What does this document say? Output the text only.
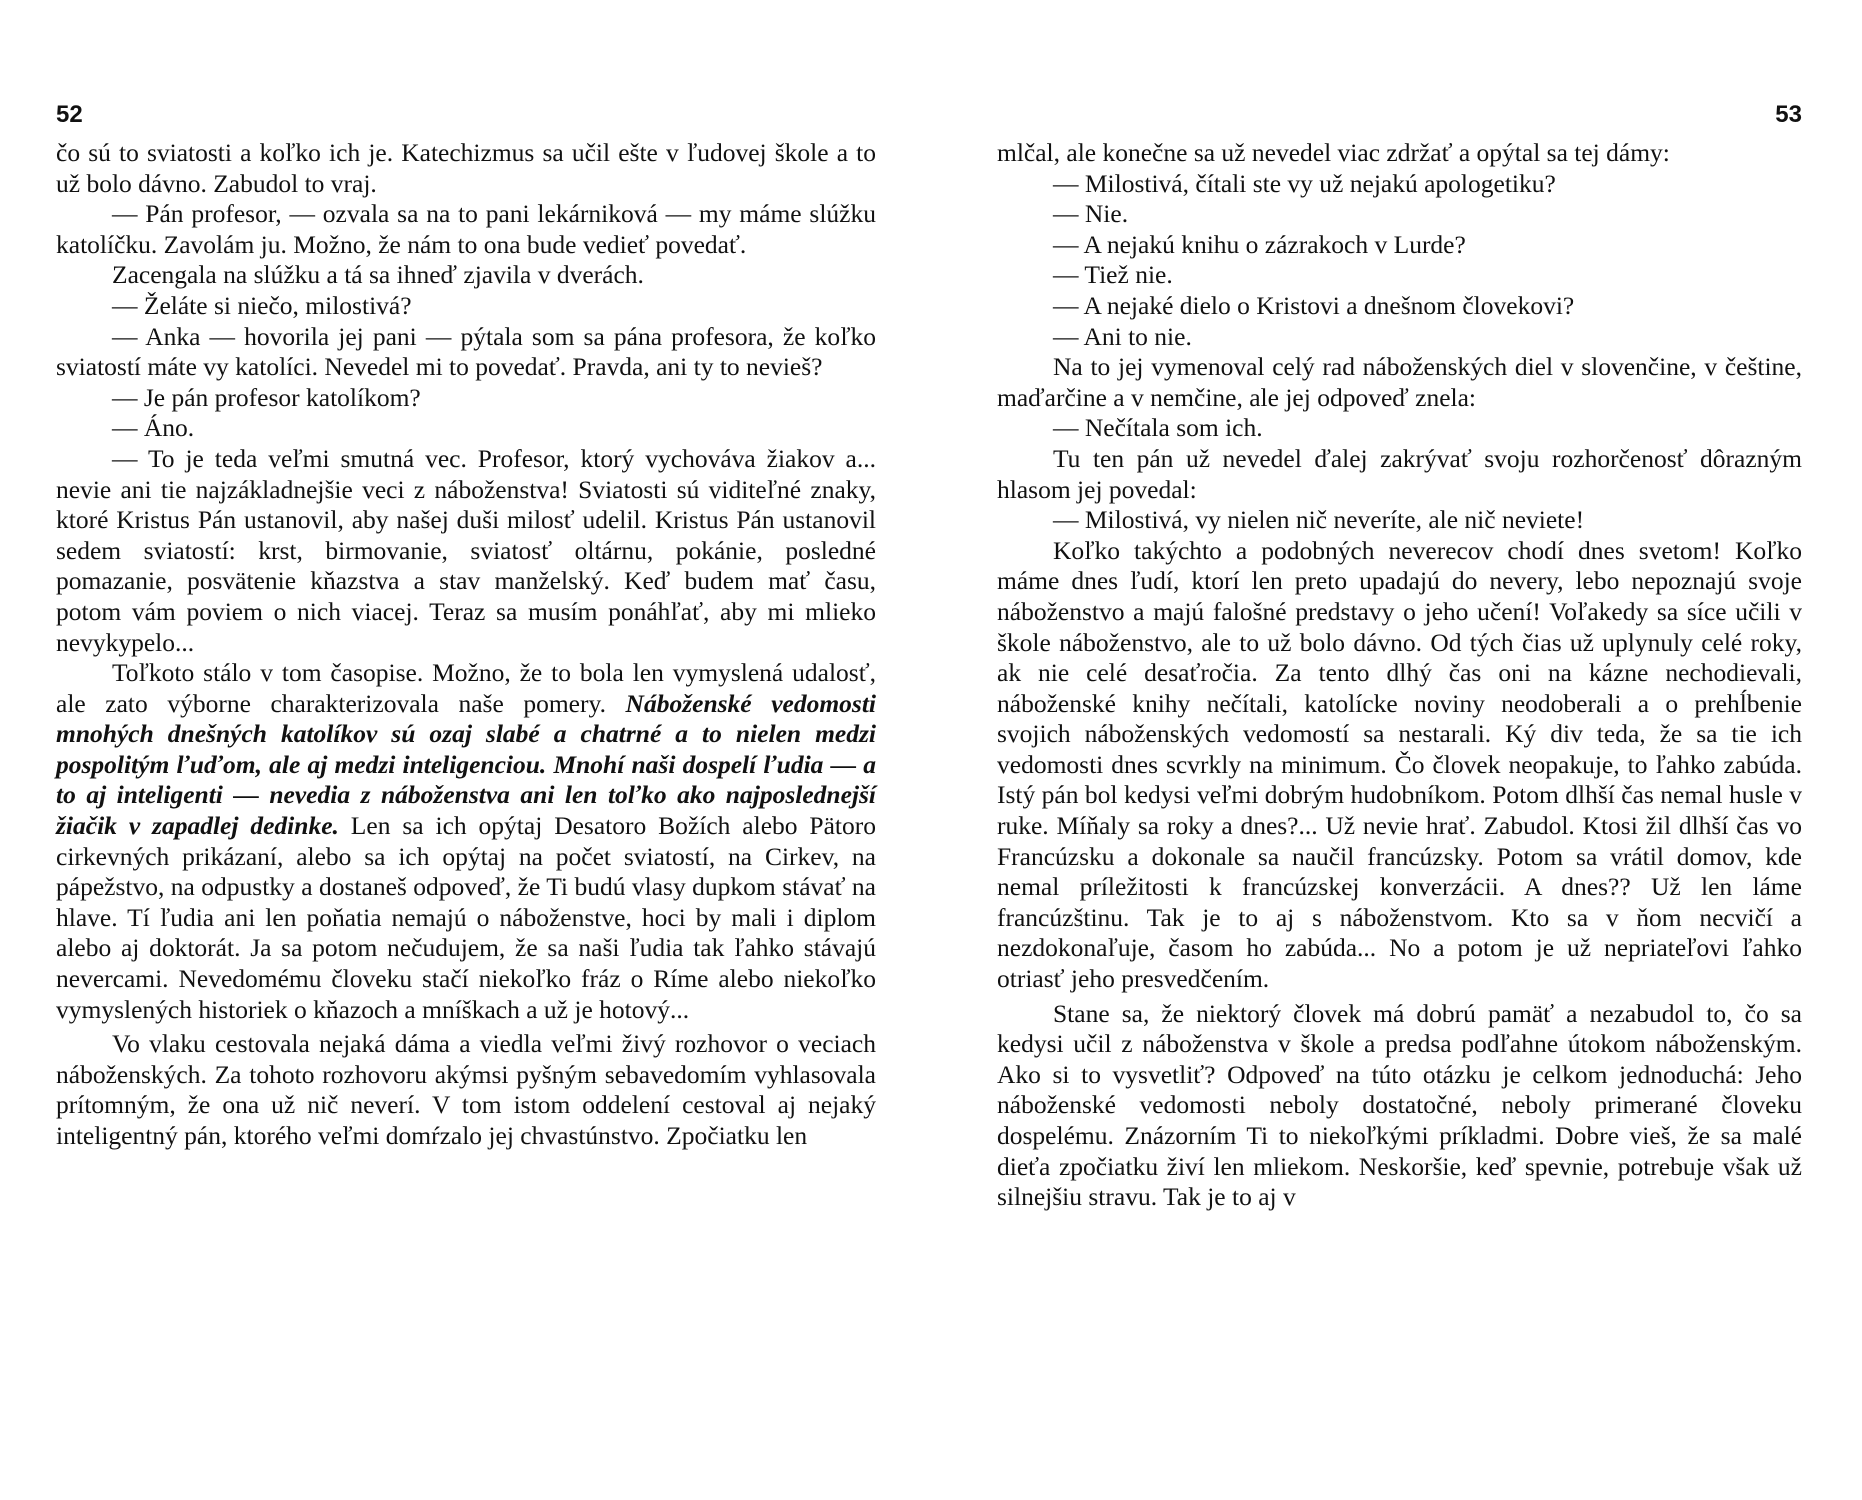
52

čo sú to sviatosti a koľko ich je. Katechizmus sa učil ešte v ľudovej škole a to už bolo dávno. Zabudol to vraj.

— Pán profesor, — ozvala sa na to pani lekárniková — my máme slúžku katolíčku. Zavolám ju. Možno, že nám to ona bude vedieť povedať.

Zacengala na slúžku a tá sa ihneď zjavila v dverách.

— Želáte si niečo, milostivá?

— Anka — hovorila jej pani — pýtala som sa pána profesora, že koľko sviatostí máte vy katolíci. Nevedel mi to povedať. Pravda, ani ty to nevieš?

— Je pán profesor katolíkom?

— Áno.

— To je teda veľmi smutná vec. Profesor, ktorý vychováva žiakov a... nevie ani tie najzákladnejšie veci z náboženstva! Sviatosti sú viditeľné znaky, ktoré Kristus Pán ustanovil, aby našej duši milosť udelil. Kristus Pán ustanovil sedem sviatostí: krst, birmovanie, sviatosť oltárnu, pokánie, posledné pomazanie, posvätenie kňazstva a stav manželský. Keď budem mať času, potom vám poviem o nich viacej. Teraz sa musím ponáhľať, aby mi mlieko nevykypelo...

Toľkoto stálo v tom časopise. Možno, že to bola len vymyslená udalosť, ale zato výborne charakterizovala naše pomery. Náboženské vedomosti mnohých dnešných katolíkov sú ozaj slabé a chatrné a to nielen medzi pospolitým ľuďom, ale aj medzi inteligenciou. Mnohí naši dospelí ľudia — a to aj inteligenti — nevedia z náboženstva ani len toľko ako najposlednejší žiačik v zapadlej dedinke. Len sa ich opýtaj Desatoro Božích alebo Pätoro cirkevných prikázaní, alebo sa ich opýtaj na počet sviatostí, na Cirkev, na pápežstvo, na odpustky a dostaneš odpoveď, že Ti budú vlasy dupkom stávať na hlave. Tí ľudia ani len poňatia nemajú o náboženstve, hoci by mali i diplom alebo aj doktorát. Ja sa potom nečudujem, že sa naši ľudia tak ľahko stávajú nevercami. Nevedomému človeku stačí niekoľko fráz o Ríme alebo niekoľko vymyslených historiek o kňazoch a mníškach a už je hotový...

Vo vlaku cestovala nejaká dáma a viedla veľmi živý rozhovor o veciach náboženských. Za tohoto rozhovoru akýmsi pyšným sebavedomím vyhlasovala prítomným, že ona už nič neverí. V tom istom oddelení cestoval aj nejaký inteligentný pán, ktorého veľmi domŕzalo jej chvastúnstvo. Zpočiatku len

53

mlčal, ale konečne sa už nevedel viac zdržať a opýtal sa tej dámy:

— Milostivá, čítali ste vy už nejakú apologetiku?

— Nie.

— A nejakú knihu o zázrakoch v Lurde?

— Tiež nie.

— A nejaké dielo o Kristovi a dnešnom človekovi?

— Ani to nie.

Na to jej vymenoval celý rad náboženských diel v slovenčine, v češtine, maďarčine a v nemčine, ale jej odpoveď znela:

— Nečítala som ich.

Tu ten pán už nevedel ďalej zakrývať svoju rozhorčenosť dôrazným hlasom jej povedal:

— Milostivá, vy nielen nič neveríte, ale nič neviete!

Koľko takýchto a podobných neverecov chodí dnes svetom! Koľko máme dnes ľudí, ktorí len preto upadajú do nevery, lebo nepoznajú svoje náboženstvo a majú falošné predstavy o jeho učení! Voľakedy sa síce učili v škole náboženstvo, ale to už bolo dávno. Od tých čias už uplynuly celé roky, ak nie celé desaťročia. Za tento dlhý čas oni na kázne nechodievali, náboženské knihy nečítali, katolícke noviny neodoberali a o prehĺbenie svojich náboženských vedomostí sa nestarali. Ký div teda, že sa tie ich vedomosti dnes scvrkly na minimum. Čo človek neopakuje, to ľahko zabúda. Istý pán bol kedysi veľmi dobrým hudobníkom. Potom dlhší čas nemal husle v ruke. Míňaly sa roky a dnes?... Už nevie hrať. Zabudol. Ktosi žil dlhší čas vo Francúzsku a dokonale sa naučil francúzsky. Potom sa vrátil domov, kde nemal príležitosti k francúzskej konverzácii. A dnes?? Už len láme francúzštinu. Tak je to aj s náboženstvom. Kto sa v ňom necvičí a nezdokonaľuje, časom ho zabúda... No a potom je už nepriateľovi ľahko otriasť jeho presvedčením.

Stane sa, že niektorý človek má dobrú pamäť a nezabudol to, čo sa kedysi učil z náboženstva v škole a predsa podľahne útokom náboženským. Ako si to vysvetliť? Odpoveď na túto otázku je celkom jednoduchá: Jeho náboženské vedomosti neboly dostatočné, neboly primerané človeku dospelému. Znázorním Ti to niekoľkými príkladmi. Dobre vieš, že sa malé dieťa zpočiatku živí len mliekom. Neskoršie, keď spevnie, potrebuje však už silnejšiu stravu. Tak je to aj v
